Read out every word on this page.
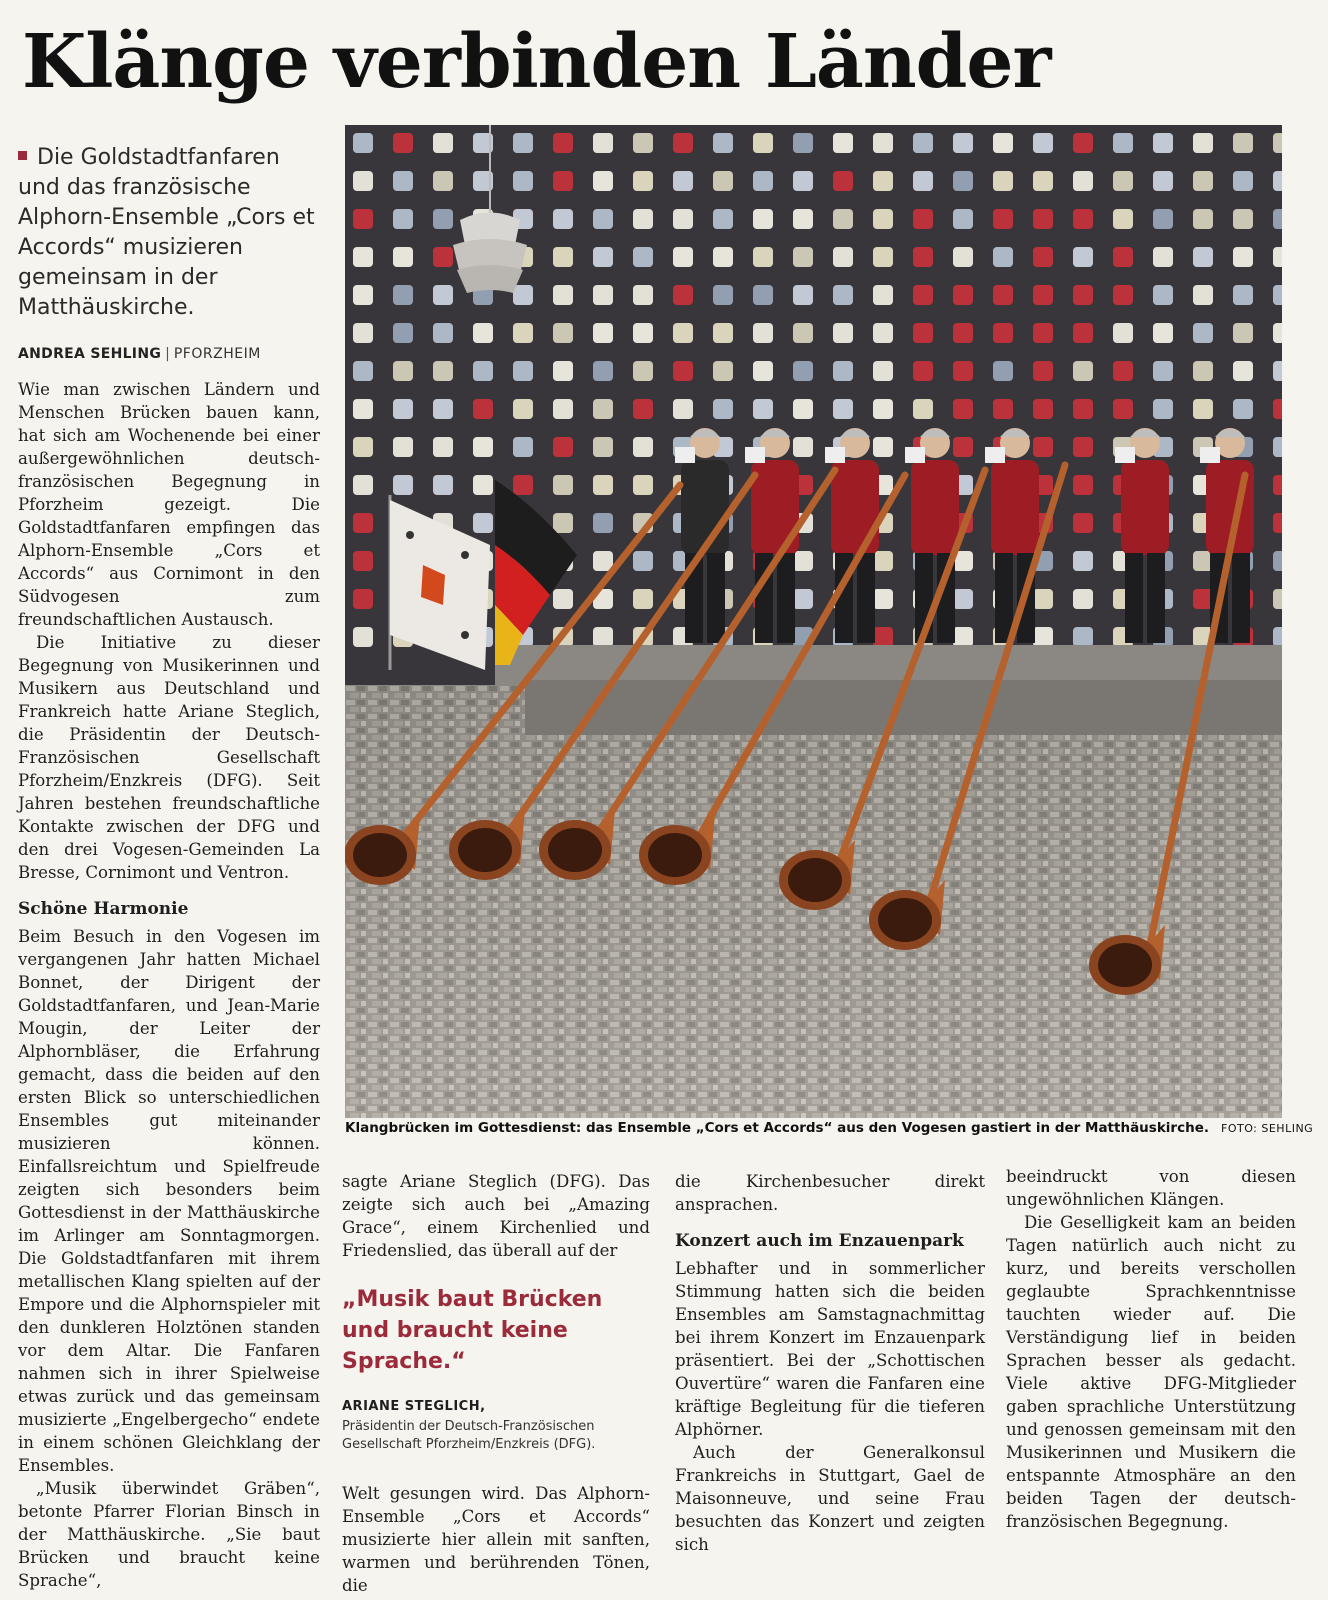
Klänge verbinden Länder
Die Goldstadtfanfaren und das französische Alphorn-Ensemble „Cors et Accords“ musizieren gemeinsam in der Matthäuskirche.
ANDREA SEHLING | PFORZHEIM

Wie man zwischen Ländern und Menschen Brücken bauen kann, hat sich am Wochenende bei einer außergewöhnlichen deutsch-französischen Begegnung in Pforzheim gezeigt. Die Goldstadtfanfaren empfingen das Alphorn-Ensemble „Cors et Accords“ aus Cornimont in den Südvogesen zum freundschaftlichen Austausch.

Die Initiative zu dieser Begegnung von Musikerinnen und Musikern aus Deutschland und Frankreich hatte Ariane Steglich, die Präsidentin der Deutsch-Französischen Gesellschaft Pforzheim/Enzkreis (DFG). Seit Jahren bestehen freundschaftliche Kontakte zwischen der DFG und den drei Vogesen-Gemeinden La Bresse, Cornimont und Ventron.

Schöne Harmonie

Beim Besuch in den Vogesen im vergangenen Jahr hatten Michael Bonnet, der Dirigent der Goldstadtfanfaren, und Jean-Marie Mougin, der Leiter der Alphornbläser, die Erfahrung gemacht, dass die beiden auf den ersten Blick so unterschiedlichen Ensembles gut miteinander musizieren können. Einfallsreichtum und Spielfreude zeigten sich besonders beim Gottesdienst in der Matthäuskirche im Arlinger am Sonntagmorgen. Die Goldstadtfanfaren mit ihrem metallischen Klang spielten auf der Empore und die Alphornspieler mit den dunkleren Holztönen standen vor dem Altar. Die Fanfaren nahmen sich in ihrer Spielweise etwas zurück und das gemeinsam musizierte „Engelbergecho“ endete in einem schönen Gleichklang der Ensembles.

„Musik überwindet Gräben“, betonte Pfarrer Florian Binsch in der Matthäuskirche. „Sie baut Brücken und braucht keine Sprache“,

sagte Ariane Steglich (DFG). Das zeigte sich auch bei „Amazing Grace“, einem Kirchenlied und Friedenslied, das überall auf der

„Musik baut Brücken und braucht keine Sprache.“

ARIANE STEGLICH,

Präsidentin der Deutsch-Französischen Gesellschaft Pforzheim/Enzkreis (DFG).

Welt gesungen wird. Das Alphorn-Ensemble „Cors et Accords“ musizierte hier allein mit sanften, warmen und berührenden Tönen, die

die Kirchenbesucher direkt ansprachen.

Konzert auch im Enzauenpark

Lebhafter und in sommerlicher Stimmung hatten sich die beiden Ensembles am Samstagnachmittag bei ihrem Konzert im Enzauenpark präsentiert. Bei der „Schottischen Ouvertüre“ waren die Fanfaren eine kräftige Begleitung für die tieferen Alphörner.

Auch der Generalkonsul Frankreichs in Stuttgart, Gael de Maisonneuve, und seine Frau besuchten das Konzert und zeigten sich

beeindruckt von diesen ungewöhnlichen Klängen.

Die Geselligkeit kam an beiden Tagen natürlich auch nicht zu kurz, und bereits verschollen geglaubte Sprachkenntnisse tauchten wieder auf. Die Verständigung lief in beiden Sprachen besser als gedacht. Viele aktive DFG-Mitglieder gaben sprachliche Unterstützung und genossen gemeinsam mit den Musikerinnen und Musikern die entspannte Atmosphäre an den beiden Tagen der deutsch-französischen Begegnung.

Klangbrücken im Gottesdienst: das Ensemble „Cors et Accords“ aus den Vogesen gastiert in der Matthäuskirche. FOTO: SEHLING
